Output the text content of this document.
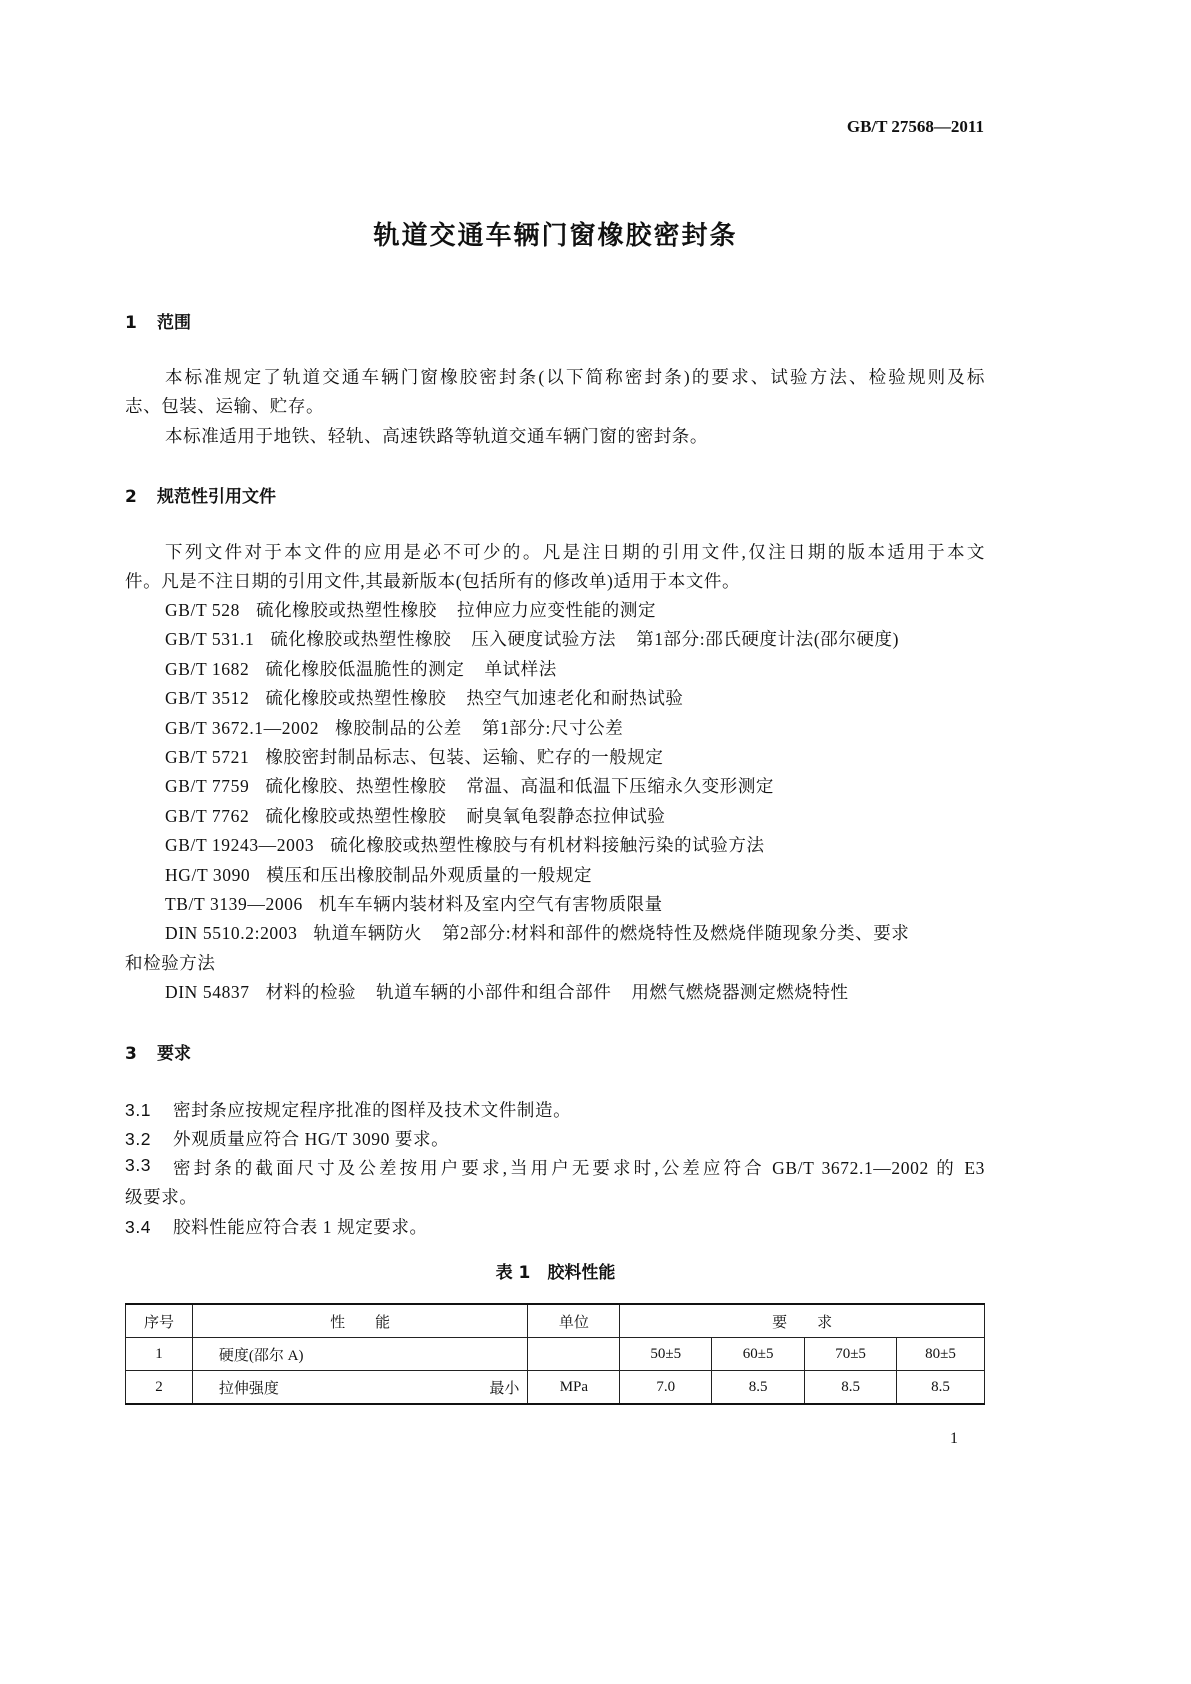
GB/T 27568—2011
轨道交通车辆门窗橡胶密封条
1 范围
本标准规定了轨道交通车辆门窗橡胶密封条(以下简称密封条)的要求、试验方法、检验规则及标
志、包装、运输、贮存。
本标准适用于地铁、轻轨、高速铁路等轨道交通车辆门窗的密封条。
2 规范性引用文件
下列文件对于本文件的应用是必不可少的。凡是注日期的引用文件,仅注日期的版本适用于本文
件。凡是不注日期的引用文件,其最新版本(包括所有的修改单)适用于本文件。
GB/T 528 硫化橡胶或热塑性橡胶 拉伸应力应变性能的测定
GB/T 531.1 硫化橡胶或热塑性橡胶 压入硬度试验方法 第1部分:邵氏硬度计法(邵尔硬度)
GB/T 1682 硫化橡胶低温脆性的测定 单试样法
GB/T 3512 硫化橡胶或热塑性橡胶 热空气加速老化和耐热试验
GB/T 3672.1—2002 橡胶制品的公差 第1部分:尺寸公差
GB/T 5721 橡胶密封制品标志、包装、运输、贮存的一般规定
GB/T 7759 硫化橡胶、热塑性橡胶 常温、高温和低温下压缩永久变形测定
GB/T 7762 硫化橡胶或热塑性橡胶 耐臭氧龟裂静态拉伸试验
GB/T 19243—2003 硫化橡胶或热塑性橡胶与有机材料接触污染的试验方法
HG/T 3090 模压和压出橡胶制品外观质量的一般规定
TB/T 3139—2006 机车车辆内装材料及室内空气有害物质限量
DIN 5510.2:2003 轨道车辆防火 第2部分:材料和部件的燃烧特性及燃烧伴随现象分类、要求
DIN 54837 材料的检验 轨道车辆的小部件和组合部件 用燃气燃烧器测定燃烧特性
和检验方法
3 要求
3.1 密封条应按规定程序批准的图样及技术文件制造。
3.2 外观质量应符合 HG/T 3090 要求。
3.3	密封条的截面尺寸及公差按用户要求,当用户无要求时,公差应符合 GB/T 3672.1—2002 的 E3
级要求。
3.4 胶料性能应符合表 1 规定要求。
表 1　胶料性能
序号	性　　能	单位	要　　求			
1	硬度(邵尔 A)		50±5	60±5	70±5	80±5
2	拉伸强度 最小	MPa	7.0	8.5	8.5	8.5
1
